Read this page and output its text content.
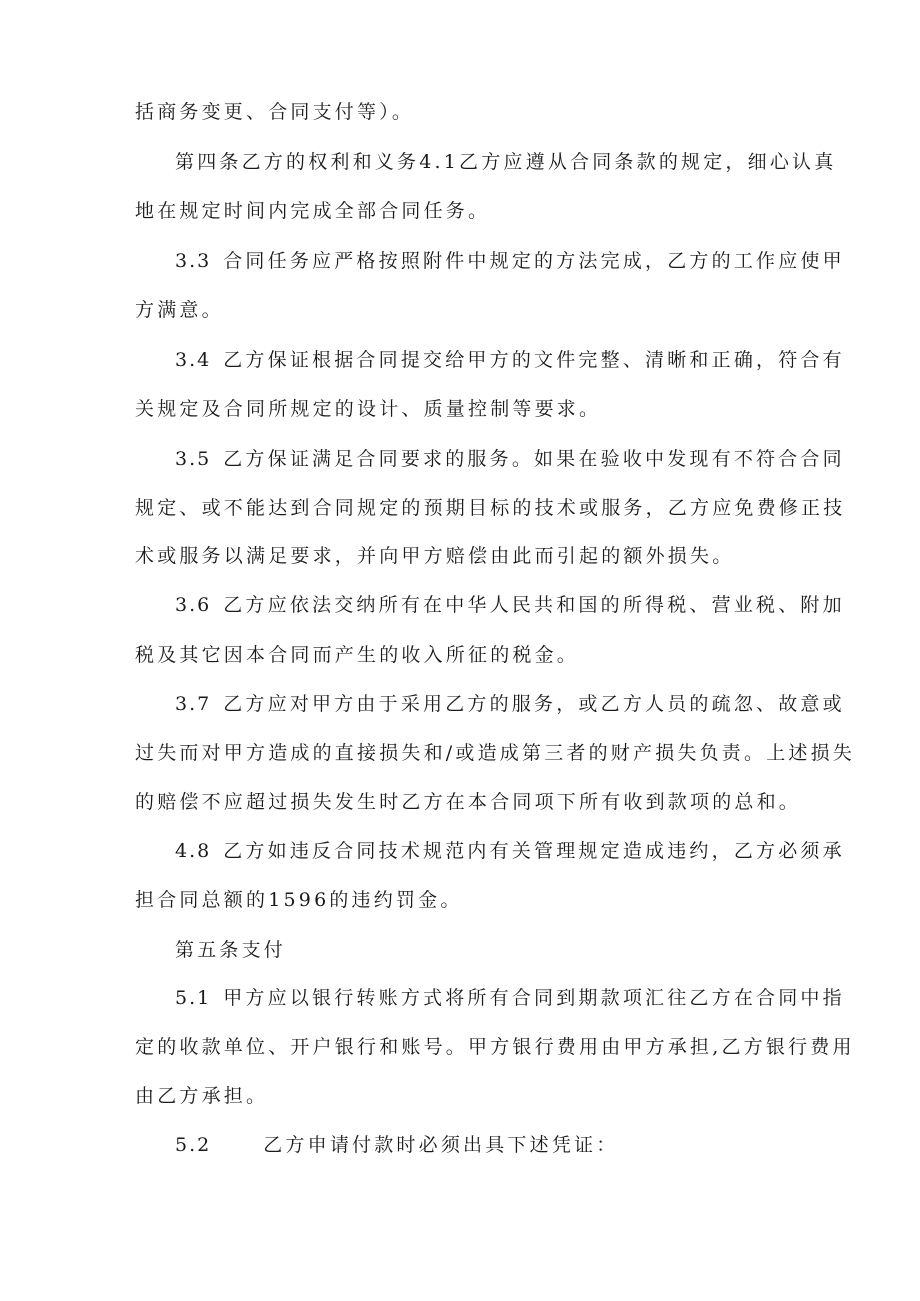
括商务变更、合同支付等）。
第四条乙方的权利和义务4.1乙方应遵从合同条款的规定，细心认真
地在规定时间内完成全部合同任务。
3.3 合同任务应严格按照附件中规定的方法完成，乙方的工作应使甲
方满意。
3.4 乙方保证根据合同提交给甲方的文件完整、清晰和正确，符合有
关规定及合同所规定的设计、质量控制等要求。
3.5 乙方保证满足合同要求的服务。如果在验收中发现有不符合合同
规定、或不能达到合同规定的预期目标的技术或服务，乙方应免费修正技
术或服务以满足要求，并向甲方赔偿由此而引起的额外损失。
3.6 乙方应依法交纳所有在中华人民共和国的所得税、营业税、附加
税及其它因本合同而产生的收入所征的税金。
3.7 乙方应对甲方由于采用乙方的服务，或乙方人员的疏忽、故意或
过失而对甲方造成的直接损失和/或造成第三者的财产损失负责。上述损失
的赔偿不应超过损失发生时乙方在本合同项下所有收到款项的总和。
4.8 乙方如违反合同技术规范内有关管理规定造成违约，乙方必须承
担合同总额的1596的违约罚金。
第五条支付
5.1 甲方应以银行转账方式将所有合同到期款项汇往乙方在合同中指
定的收款单位、开户银行和账号。甲方银行费用由甲方承担,乙方银行费用
由乙方承担。
5.2	乙方申请付款时必须出具下述凭证：
